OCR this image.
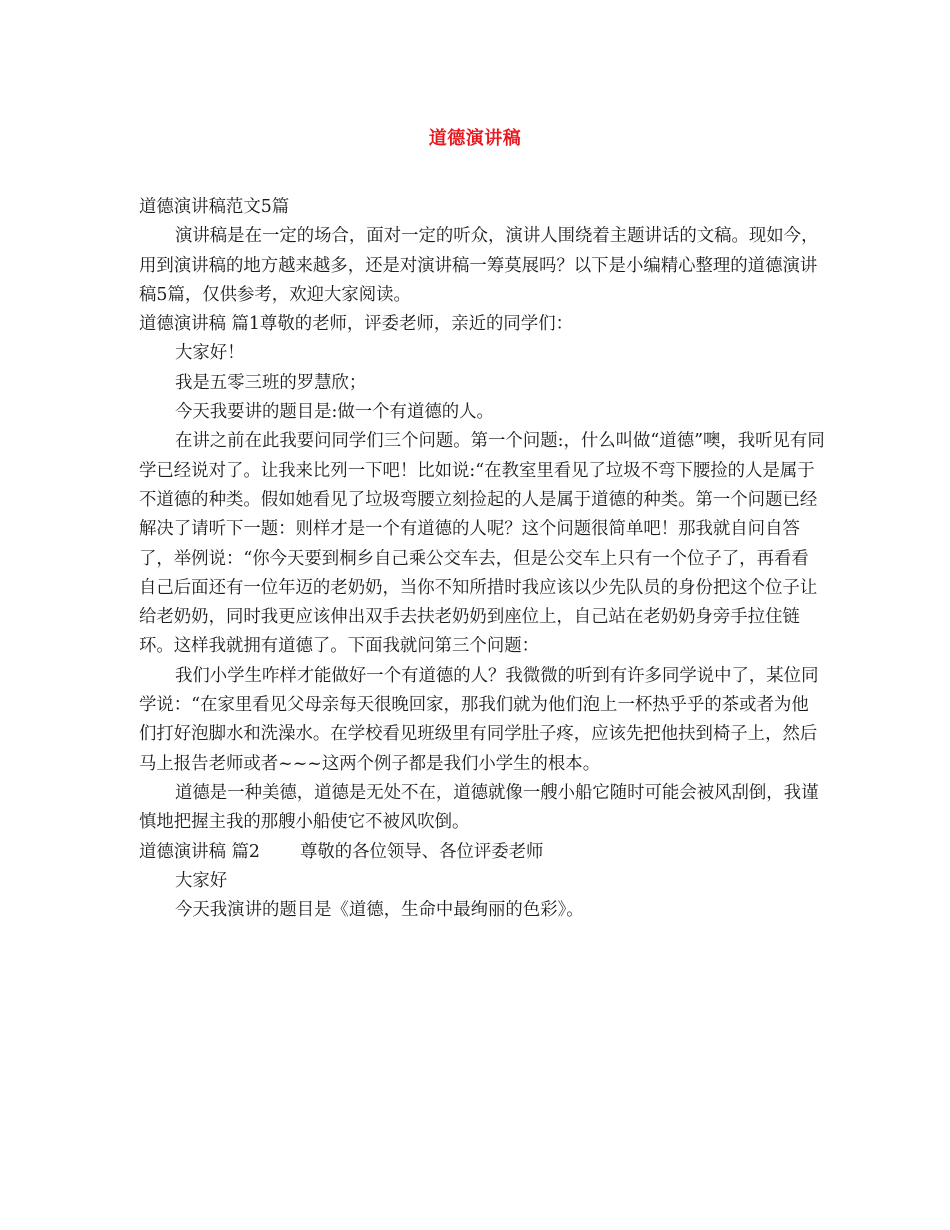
道德演讲稿

道德演讲稿范文5篇

演讲稿是在一定的场合，面对一定的听众，演讲人围绕着主题讲话的文稿。现如今，用到演讲稿的地方越来越多，还是对演讲稿一筹莫展吗？以下是小编精心整理的道德演讲稿5篇，仅供参考，欢迎大家阅读。

道德演讲稿 篇1尊敬的老师，评委老师，亲近的同学们：

大家好！

我是五零三班的罗慧欣；

今天我要讲的题目是:做一个有道德的人。

在讲之前在此我要问同学们三个问题。第一个问题:，什么叫做“道德”噢，我听见有同学已经说对了。让我来比列一下吧！比如说:“在教室里看见了垃圾不弯下腰捡的人是属于不道德的种类。假如她看见了垃圾弯腰立刻捡起的人是属于道德的种类。第一个问题已经解决了请听下一题：则样才是一个有道德的人呢？这个问题很简单吧！那我就自问自答了，举例说：“你今天要到桐乡自己乘公交车去，但是公交车上只有一个位子了，再看看自己后面还有一位年迈的老奶奶，当你不知所措时我应该以少先队员的身份把这个位子让给老奶奶，同时我更应该伸出双手去扶老奶奶到座位上，自己站在老奶奶身旁手拉住链环。这样我就拥有道德了。下面我就问第三个问题：

我们小学生咋样才能做好一个有道德的人？我微微的听到有许多同学说中了，某位同学说：“在家里看见父母亲每天很晚回家，那我们就为他们泡上一杯热乎乎的茶或者为他们打好泡脚水和洗澡水。在学校看见班级里有同学肚子疼，应该先把他扶到椅子上，然后马上报告老师或者~~~这两个例子都是我们小学生的根本。

道德是一种美德，道德是无处不在，道德就像一艘小船它随时可能会被风刮倒，我谨慎地把握主我的那艘小船使它不被风吹倒。

道德演讲稿 篇2 尊敬的各位领导、各位评委老师

大家好

今天我演讲的题目是《道德，生命中最绚丽的色彩》。
